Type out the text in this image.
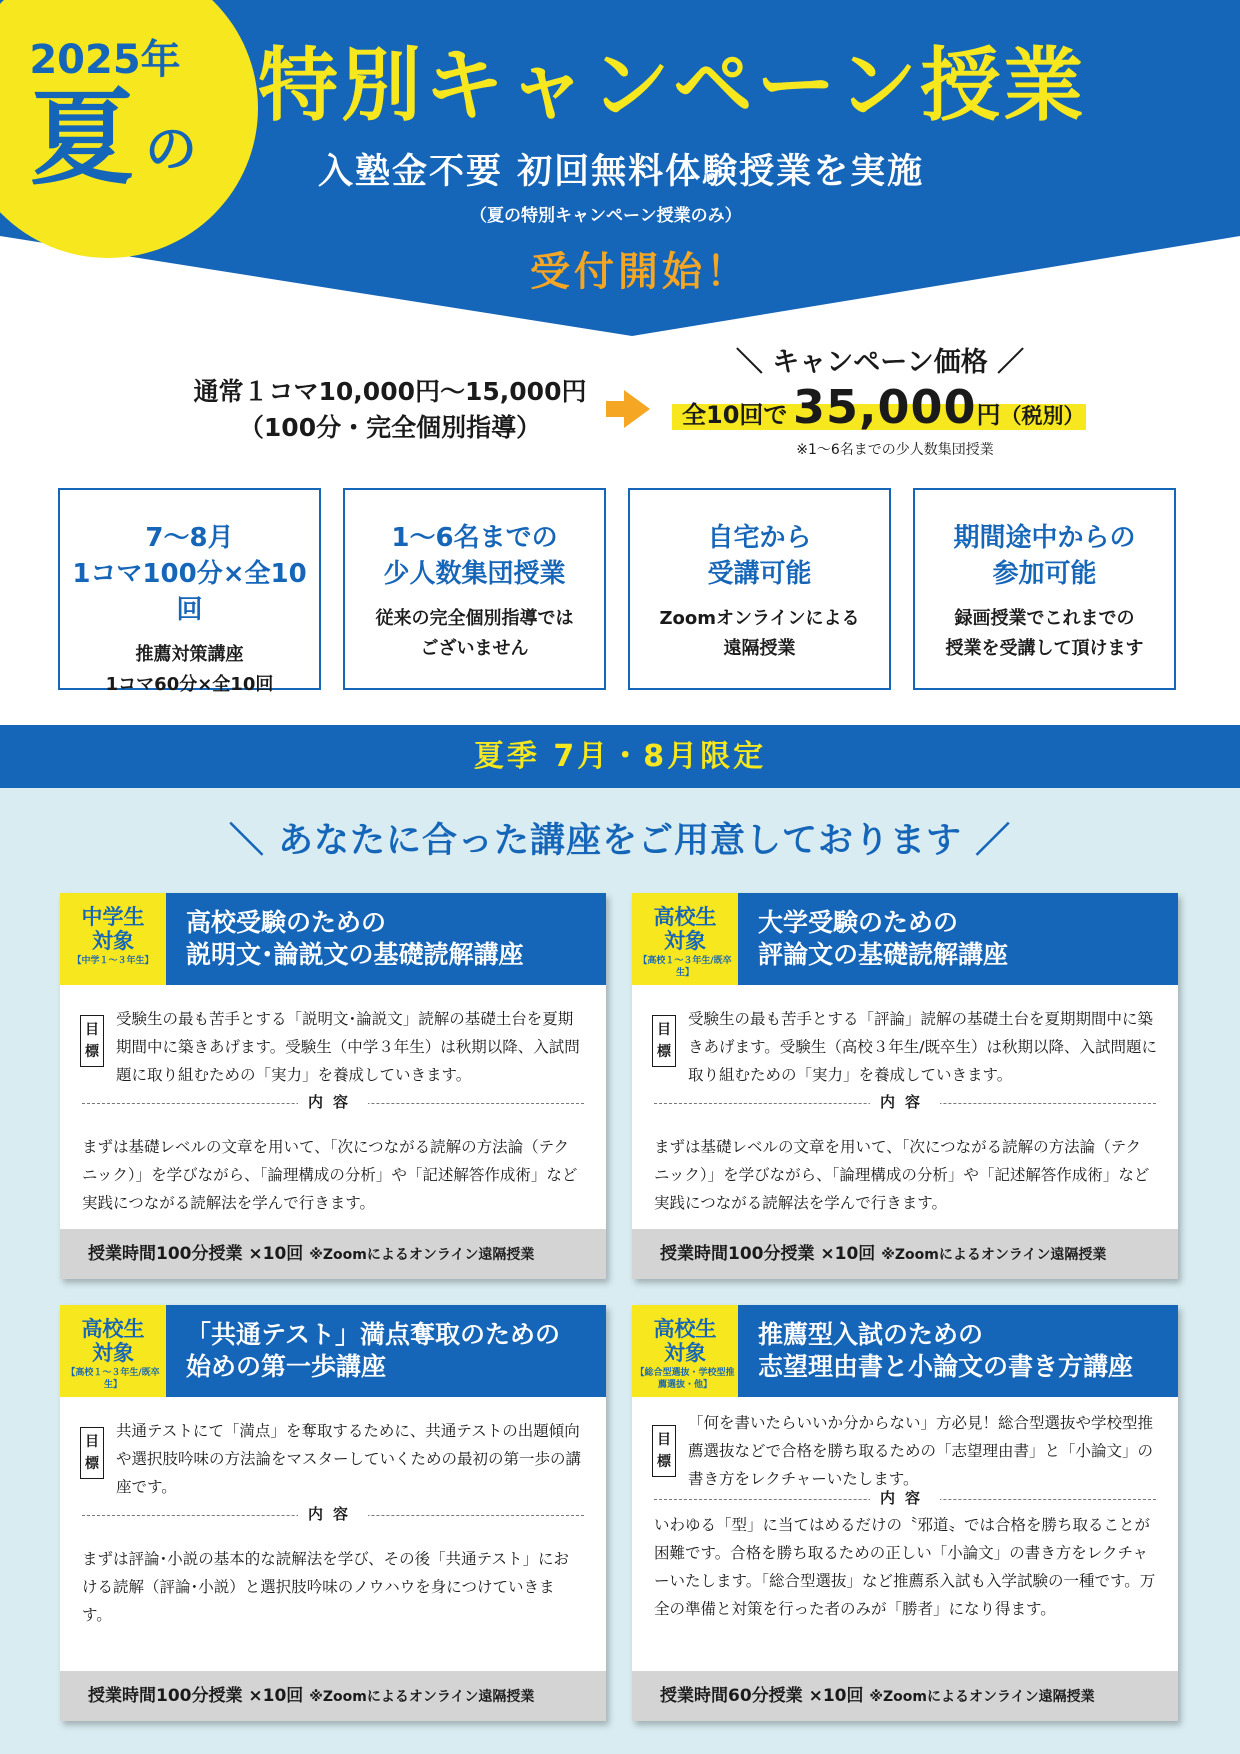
2025年
夏 の
特別キャンペーン授業
入塾金不要 初回無料体験授業を実施
（夏の特別キャンペーン授業のみ）
受付開始！
通常１コマ10,000円〜15,000円
（100分・完全個別指導）
＼ キャンペーン価格 ／
全10回で 35,000円（税別）
※1〜6名までの少人数集団授業
7〜8月
1コマ100分×全10回
推薦対策講座
1コマ60分×全10回
1〜6名までの
少人数集団授業
従来の完全個別指導では
ございません
自宅から
受講可能
Zoomオンラインによる
遠隔授業
期間途中からの
参加可能
録画授業でこれまでの
授業を受講して頂けます
夏季 7月・8月限定
＼ あなたに合った講座をご用意しております ／
中学生
対象
【中学１〜３年生】
高校受験のための
説明文･論説文の基礎読解講座
目標
受験生の最も苦手とする「説明文･論説文」読解の基礎土台を夏期期間中に築きあげます。受験生（中学３年生）は秋期以降、入試問題に取り組むための「実力」を養成していきます。
内容
まずは基礎レベルの文章を用いて、「次につながる読解の方法論（テクニック）」を学びながら、「論理構成の分析」や「記述解答作成術」など実践につながる読解法を学んで行きます。
授業時間100分授業 ×10回 ※Zoomによるオンライン遠隔授業
高校生
対象
【高校１〜３年生/既卒生】
大学受験のための
評論文の基礎読解講座
目標
受験生の最も苦手とする「評論」読解の基礎土台を夏期期間中に築きあげます。受験生（高校３年生/既卒生）は秋期以降、入試問題に取り組むための「実力」を養成していきます。
内容
まずは基礎レベルの文章を用いて、「次につながる読解の方法論（テクニック）」を学びながら、「論理構成の分析」や「記述解答作成術」など実践につながる読解法を学んで行きます。
授業時間100分授業 ×10回 ※Zoomによるオンライン遠隔授業
高校生
対象
【高校１〜３年生/既卒生】
「共通テスト」満点奪取のための
始めの第一歩講座
目標
共通テストにて「満点」を奪取するために、共通テストの出題傾向や選択肢吟味の方法論をマスターしていくための最初の第一歩の講座です。
内容
まずは評論･小説の基本的な読解法を学び、その後「共通テスト」における読解（評論･小説）と選択肢吟味のノウハウを身につけていきます。
授業時間100分授業 ×10回 ※Zoomによるオンライン遠隔授業
高校生
対象
【総合型選抜・学校型推薦選抜・他】
推薦型入試のための
志望理由書と小論文の書き方講座
目標
「何を書いたらいいか分からない」方必見！総合型選抜や学校型推薦選抜などで合格を勝ち取るための「志望理由書」と「小論文」の書き方をレクチャーいたします。
内容
いわゆる「型」に当てはめるだけの〝邪道〟では合格を勝ち取ることが困難です。合格を勝ち取るための正しい「小論文」の書き方をレクチャーいたします。「総合型選抜」など推薦系入試も入学試験の一種です。万全の準備と対策を行った者のみが「勝者」になり得ます。
授業時間60分授業 ×10回 ※Zoomによるオンライン遠隔授業
